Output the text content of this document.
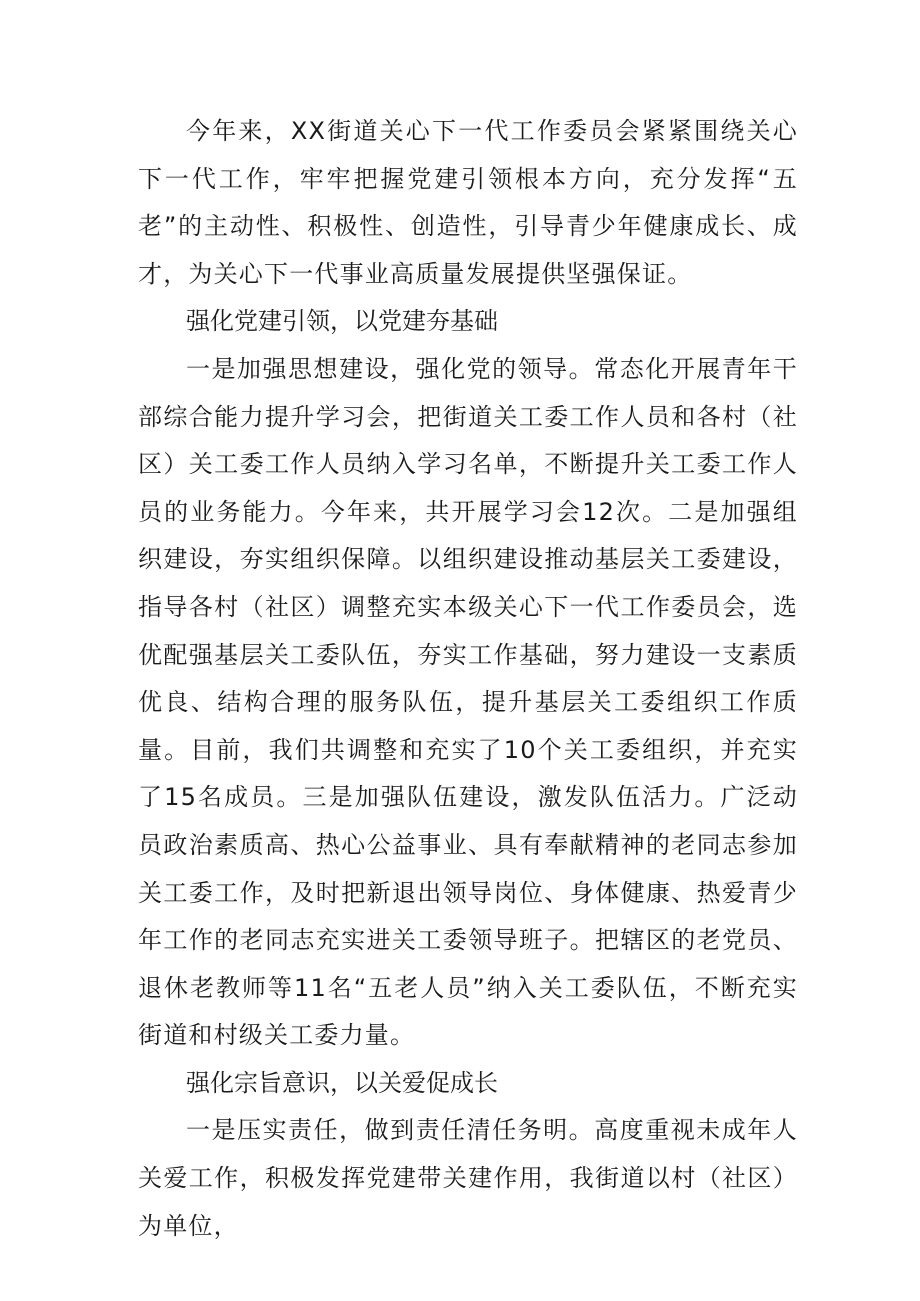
今年来，XX街道关心下一代工作委员会紧紧围绕关心下一代工作，牢牢把握党建引领根本方向，充分发挥“五老”的主动性、积极性、创造性，引导青少年健康成长、成才，为关心下一代事业高质量发展提供坚强保证。

强化党建引领，以党建夯基础

一是加强思想建设，强化党的领导。常态化开展青年干部综合能力提升学习会，把街道关工委工作人员和各村（社区）关工委工作人员纳入学习名单，不断提升关工委工作人员的业务能力。今年来，共开展学习会12次。二是加强组织建设，夯实组织保障。以组织建设推动基层关工委建设，指导各村（社区）调整充实本级关心下一代工作委员会，选优配强基层关工委队伍，夯实工作基础，努力建设一支素质优良、结构合理的服务队伍，提升基层关工委组织工作质量。目前，我们共调整和充实了10个关工委组织，并充实了15名成员。三是加强队伍建设，激发队伍活力。广泛动员政治素质高、热心公益事业、具有奉献精神的老同志参加关工委工作，及时把新退出领导岗位、身体健康、热爱青少年工作的老同志充实进关工委领导班子。把辖区的老党员、退休老教师等11名“五老人员”纳入关工委队伍，不断充实街道和村级关工委力量。

强化宗旨意识，以关爱促成长

一是压实责任，做到责任清任务明。高度重视未成年人关爱工作，积极发挥党建带关建作用，我街道以村（社区）为单位，
